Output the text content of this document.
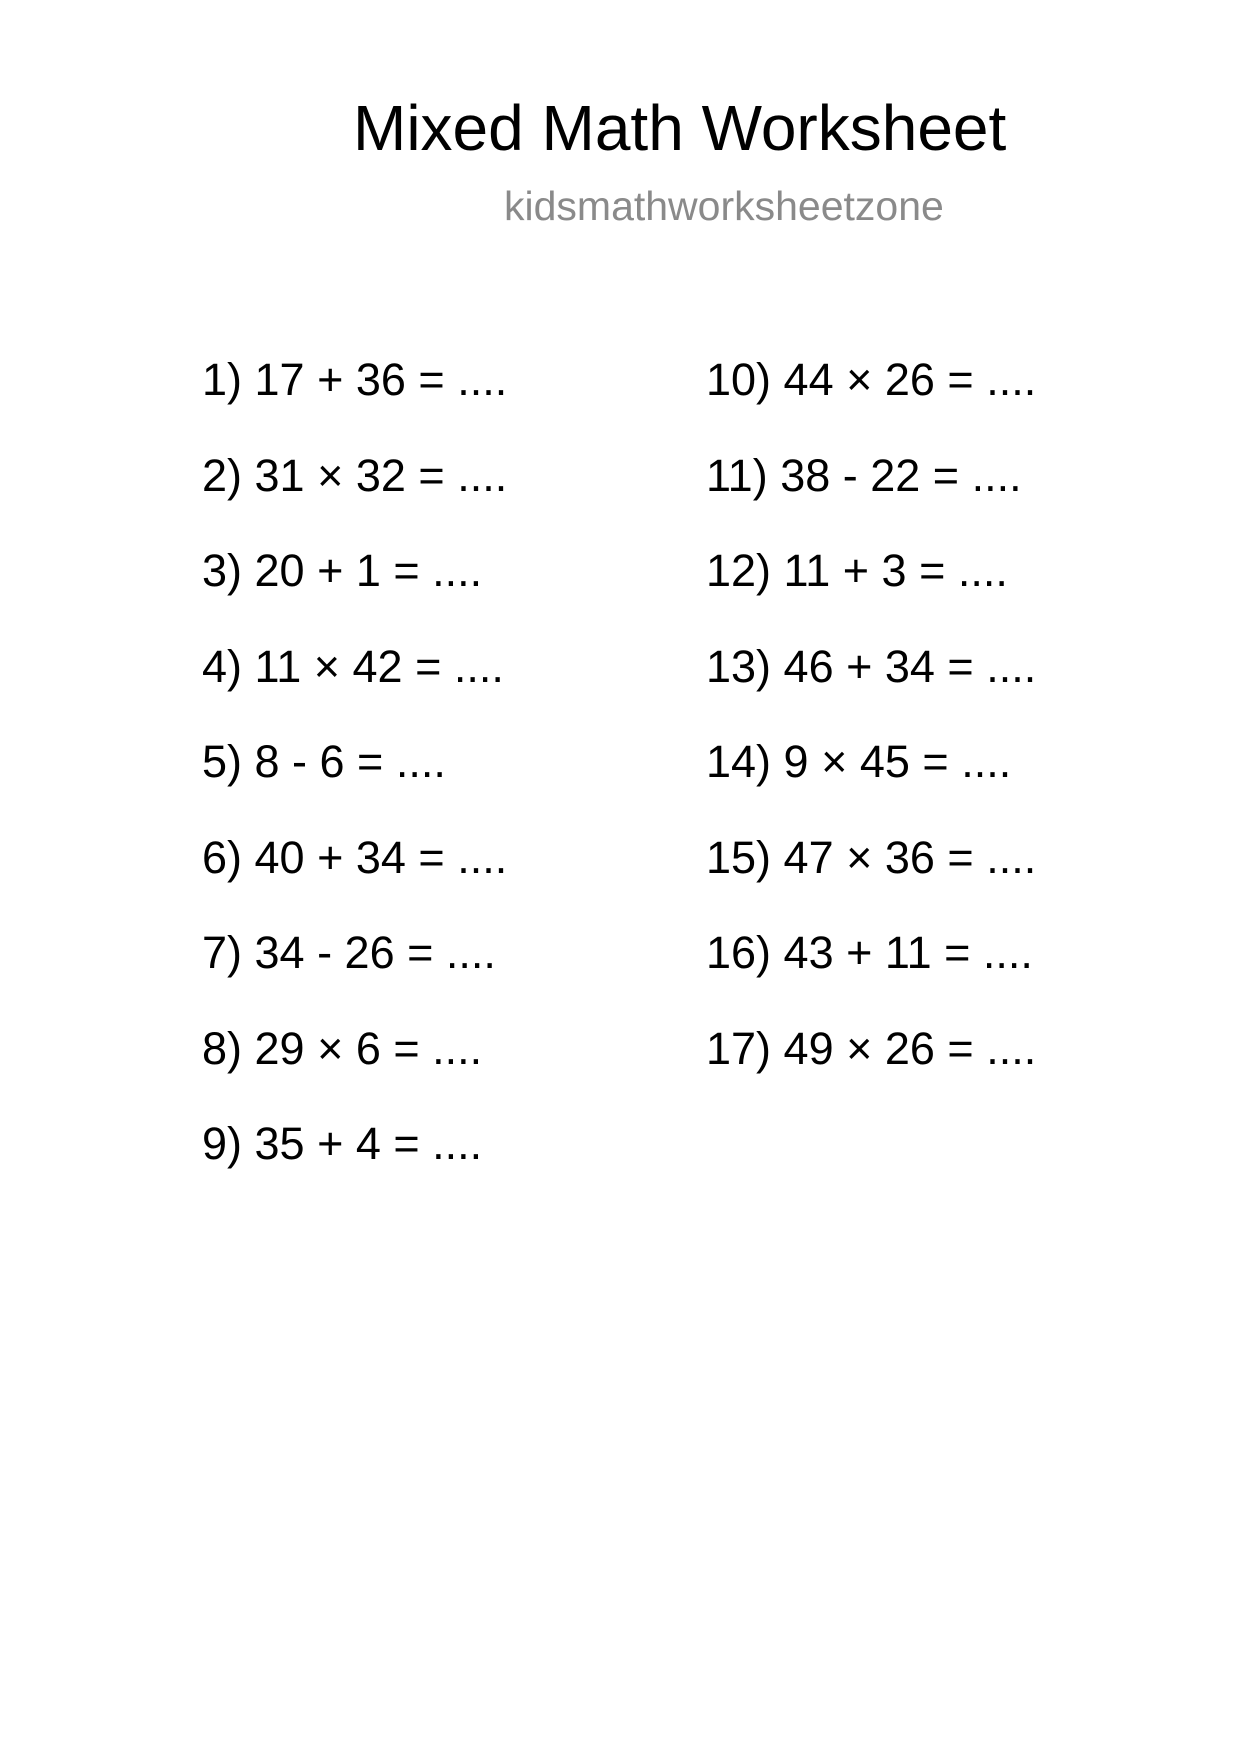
Mixed Math Worksheet
kidsmathworksheetzone
1) 17 + 36 = ....
2) 31 × 32 = ....
3) 20 + 1 = ....
4) 11 × 42 = ....
5) 8 - 6 = ....
6) 40 + 34 = ....
7) 34 - 26 = ....
8) 29 × 6 = ....
9) 35 + 4 = ....
10) 44 × 26 = ....
11) 38 - 22 = ....
12) 11 + 3 = ....
13) 46 + 34 = ....
14) 9 × 45 = ....
15) 47 × 36 = ....
16) 43 + 11 = ....
17) 49 × 26 = ....
